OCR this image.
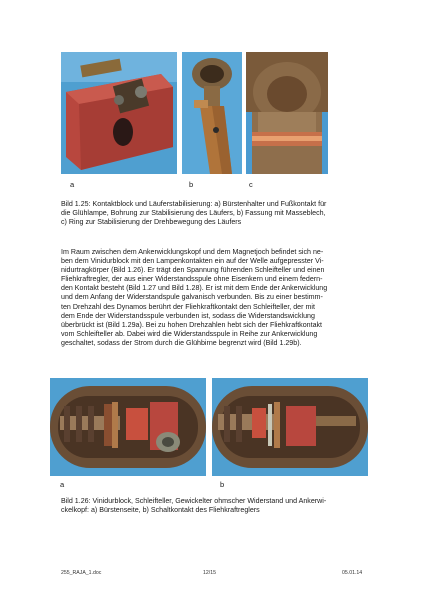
a	b	c
Bild 1.25: Kontaktblock und Läuferstabilisierung: a) Bürstenhalter und Fußkontakt für
die Glühlampe, Bohrung zur Stabilisierung des Läufers, b) Fassung mit Masseblech,
c) Ring zur Stabilisierung der Drehbewegung des Läufers
Im Raum zwischen dem Ankerwicklungskopf und dem Magnetjoch befindet sich ne-
ben dem Vinidurblock mit den Lampenkontakten ein auf der Welle aufgepresster Vi-
nidurtragkörper (Bild 1.26). Er trägt den Spannung führenden Schleifteller und einen
Fliehkraftregler, der aus einer Widerstandsspule ohne Eisenkern und einem federn-
den Kontakt besteht (Bild 1.27 und Bild 1.28). Er ist mit dem Ende der Ankerwicklung
und dem Anfang der Widerstandspule galvanisch verbunden. Bis zu einer bestimm-
ten Drehzahl des Dynamos berührt der Fliehkraftkontakt den Schleifteller, der mit
dem Ende der Widerstandsspule verbunden ist, sodass die Widerstandswicklung
überbrückt ist (Bild 1.29a). Bei zu hohen Drehzahlen hebt sich der Fliehkraftkontakt
vom Schleifteller ab. Dabei wird die Widerstandsspule in Reihe zur Ankerwicklung
geschaltet, sodass der Strom durch die Glühbirne begrenzt wird (Bild 1.29b).
a	b
Bild 1.26: Vinidurblock, Schleifteller, Gewickelter ohmscher Widerstand und Ankerwi-
ckelkopf: a) Bürstenseite, b) Schaltkontakt des Fliehkraftreglers
255_RAJA_1.doc	12/15	05.01.14
